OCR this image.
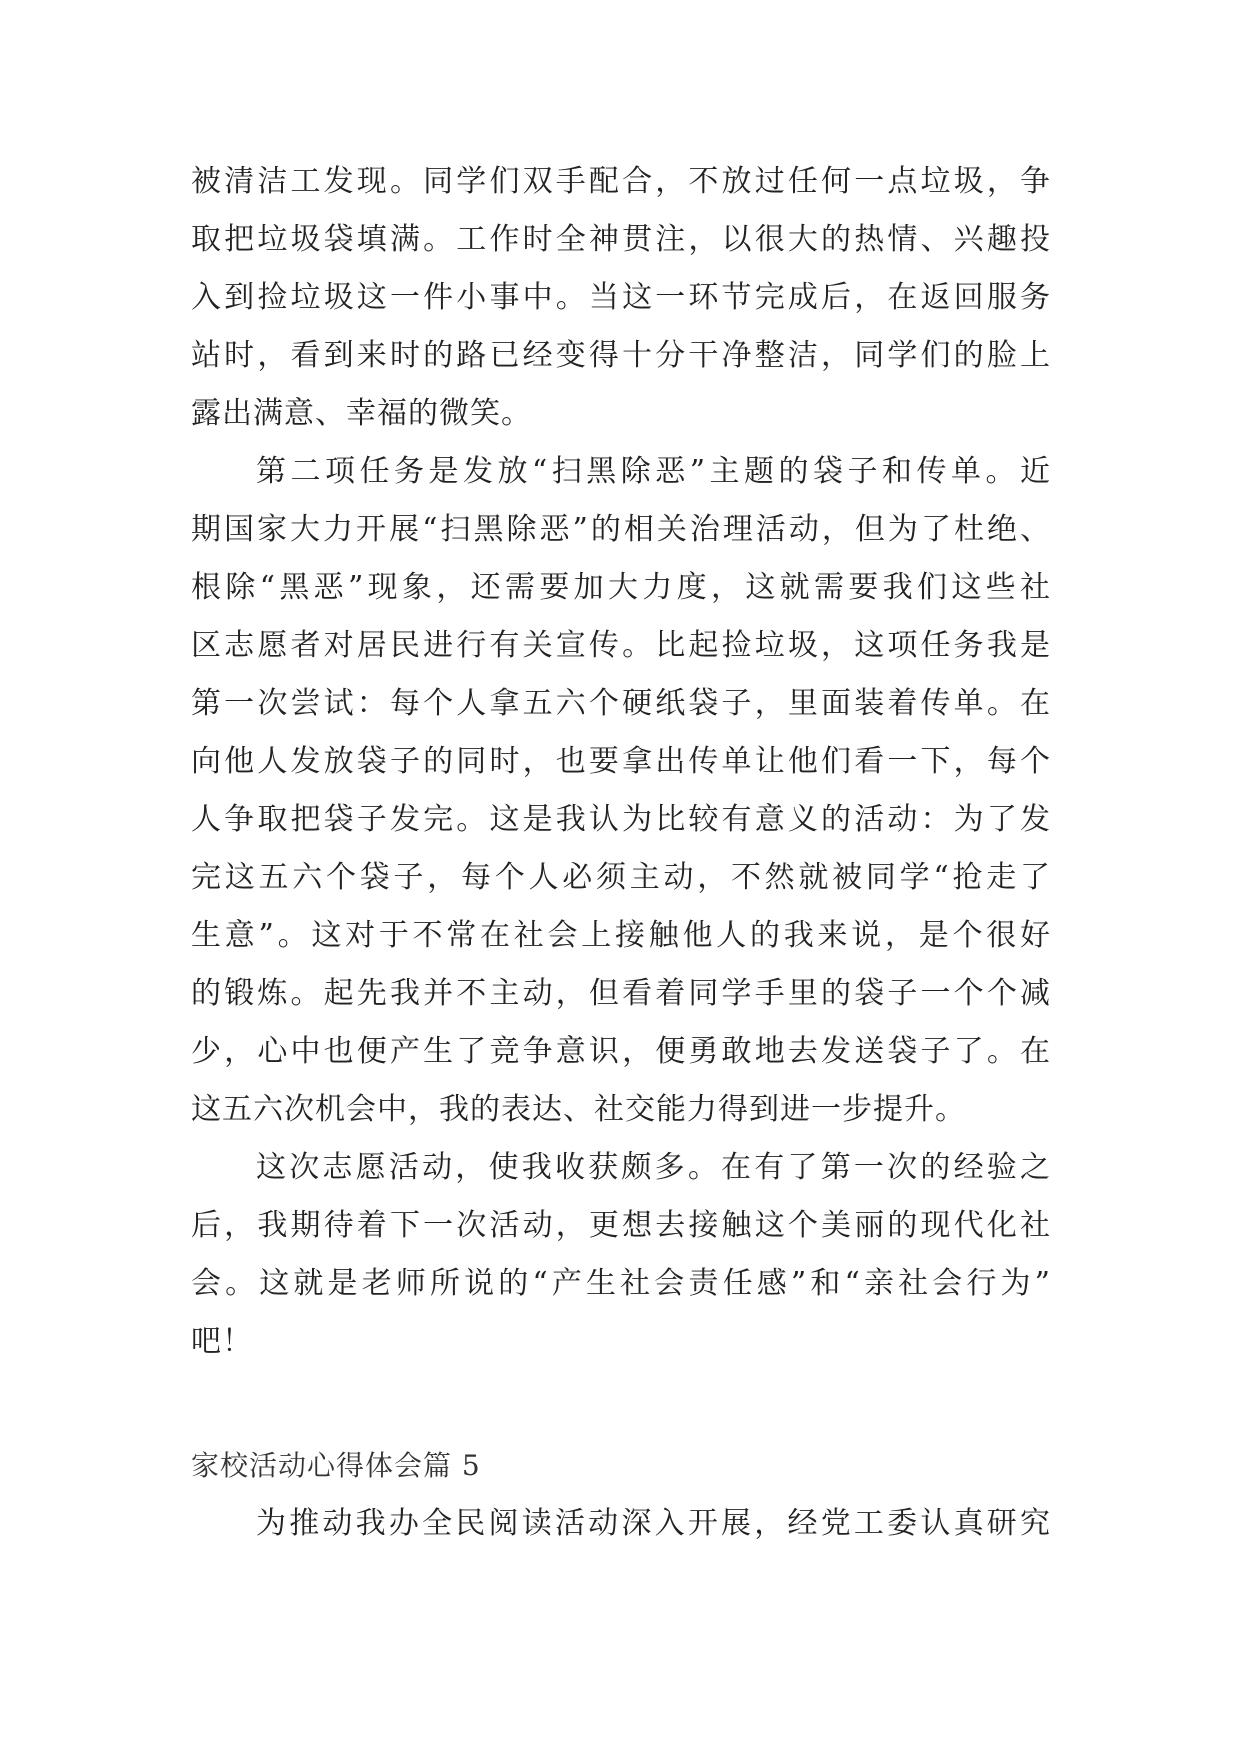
被清洁工发现。同学们双手配合，不放过任何一点垃圾，争
取把垃圾袋填满。工作时全神贯注，以很大的热情、兴趣投
入到捡垃圾这一件小事中。当这一环节完成后，在返回服务
站时，看到来时的路已经变得十分干净整洁，同学们的脸上
露出满意、幸福的微笑。
第二项任务是发放“扫黑除恶”主题的袋子和传单。近
期国家大力开展“扫黑除恶”的相关治理活动，但为了杜绝、
根除“黑恶”现象，还需要加大力度，这就需要我们这些社
区志愿者对居民进行有关宣传。比起捡垃圾，这项任务我是
第一次尝试：每个人拿五六个硬纸袋子，里面装着传单。在
向他人发放袋子的同时，也要拿出传单让他们看一下，每个
人争取把袋子发完。这是我认为比较有意义的活动：为了发
完这五六个袋子，每个人必须主动，不然就被同学“抢走了
生意”。这对于不常在社会上接触他人的我来说，是个很好
的锻炼。起先我并不主动，但看着同学手里的袋子一个个减
少，心中也便产生了竞争意识，便勇敢地去发送袋子了。在
这五六次机会中，我的表达、社交能力得到进一步提升。
这次志愿活动，使我收获颇多。在有了第一次的经验之
后，我期待着下一次活动，更想去接触这个美丽的现代化社
会。这就是老师所说的“产生社会责任感”和“亲社会行为”
吧！
家校活动心得体会篇 5
为推动我办全民阅读活动深入开展，经党工委认真研究
